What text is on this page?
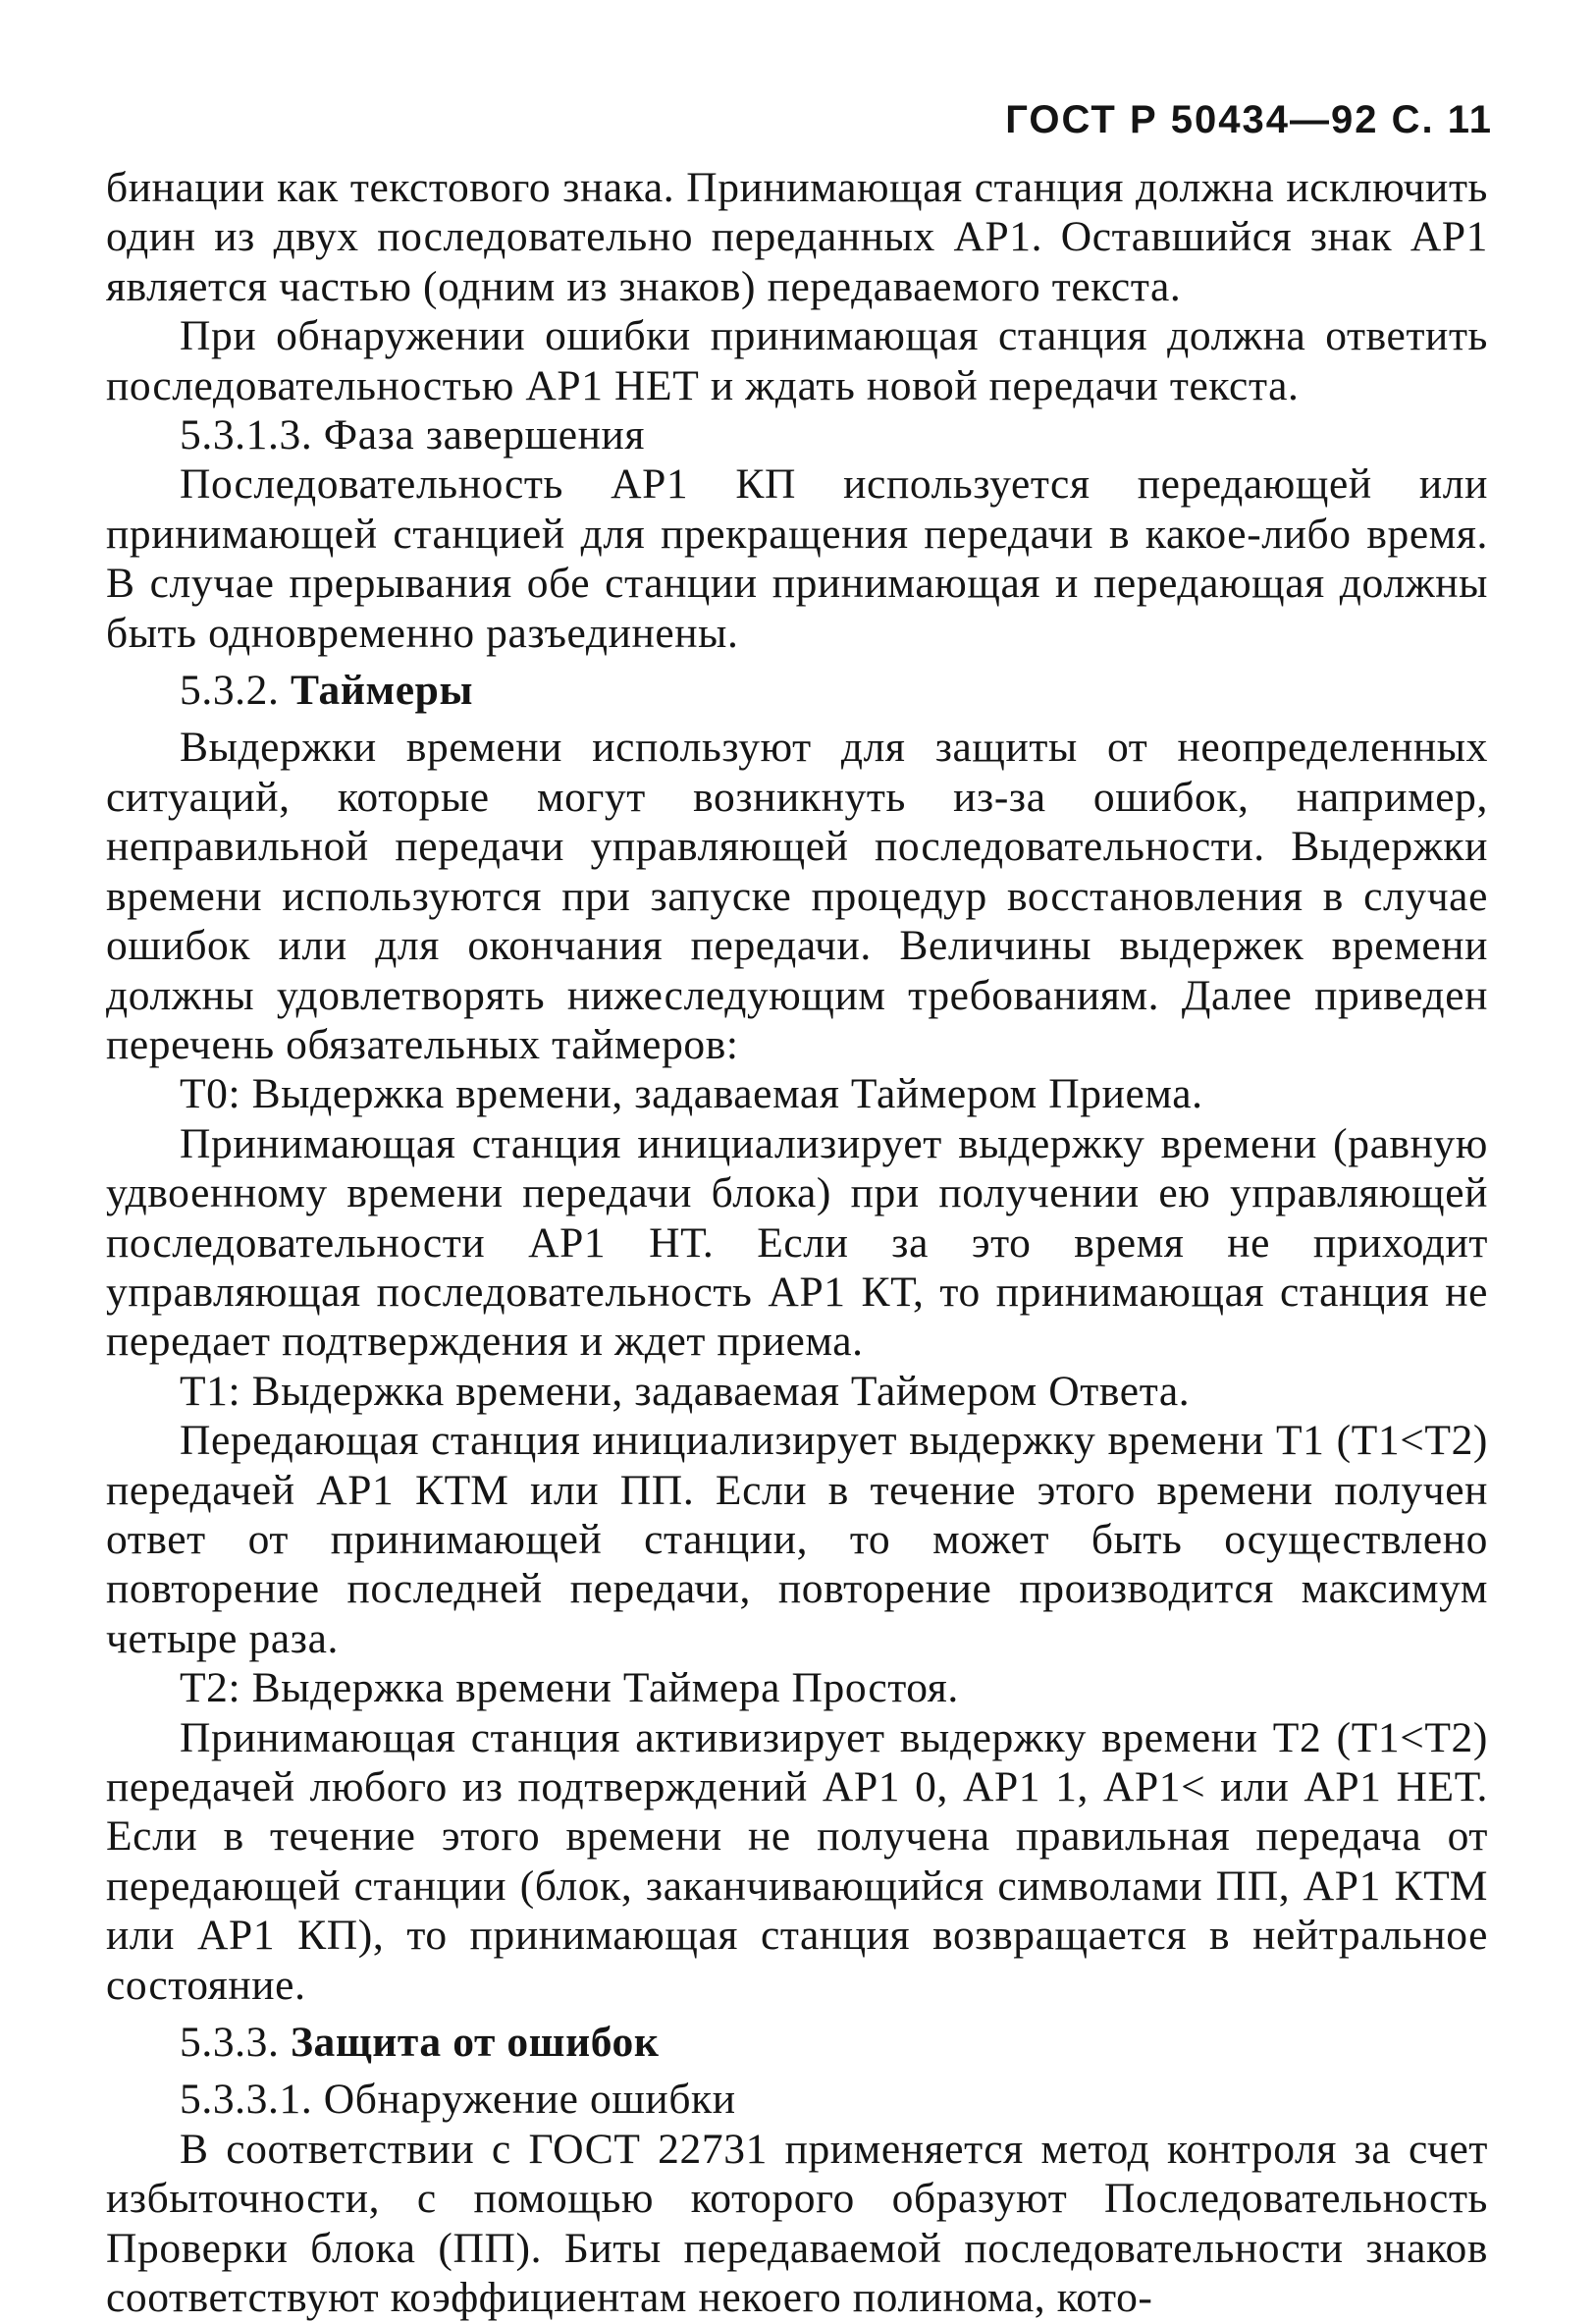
ГОСТ Р 50434—92 С. 11

бинации как текстового знака. Принимающая станция должна исключить один из двух последовательно переданных АР1. Оставшийся знак АР1 является частью (одним из знаков) передаваемого текста.

При обнаружении ошибки принимающая станция должна ответить последовательностью АР1 НЕТ и ждать новой передачи текста.

5.3.1.3. Фаза завершения

Последовательность АР1 КП используется передающей или принимающей станцией для прекращения передачи в какое-либо время. В случае прерывания обе станции принимающая и передающая должны быть одновременно разъединены.

5.3.2. Таймеры

Выдержки времени используют для защиты от неопределенных ситуаций, которые могут возникнуть из-за ошибок, например, неправильной передачи управляющей последовательности. Выдержки времени используются при запуске процедур восстановления в случае ошибок или для окончания передачи. Величины выдержек времени должны удовлетворять нижеследующим требованиям. Далее приведен перечень обязательных таймеров:

Т0: Выдержка времени, задаваемая Таймером Приема.

Принимающая станция инициализирует выдержку времени (равную удвоенному времени передачи блока) при получении ею управляющей последовательности АР1 НТ. Если за это время не приходит управляющая последовательность АР1 КТ, то принимающая станция не передает подтверждения и ждет приема.

Т1: Выдержка времени, задаваемая Таймером Ответа.

Передающая станция инициализирует выдержку времени Т1 (Т1<Т2) передачей АР1 КТМ или ПП. Если в течение этого времени получен ответ от принимающей станции, то может быть осуществлено повторение последней передачи, повторение производится максимум четыре раза.

Т2: Выдержка времени Таймера Простоя.

Принимающая станция активизирует выдержку времени Т2 (Т1<Т2) передачей любого из подтверждений АР1 0, АР1 1, АР1< или АР1 НЕТ. Если в течение этого времени не получена правильная передача от передающей станции (блок, заканчивающийся символами ПП, АР1 КТМ или АР1 КП), то принимающая станция возвращается в нейтральное состояние.

5.3.3. Защита от ошибок

5.3.3.1. Обнаружение ошибки

В соответствии с ГОСТ 22731 применяется метод контроля за счет избыточности, с помощью которого образуют Последовательность Проверки блока (ПП). Биты передаваемой последовательности знаков соответствуют коэффициентам некоего полинома, кото-
